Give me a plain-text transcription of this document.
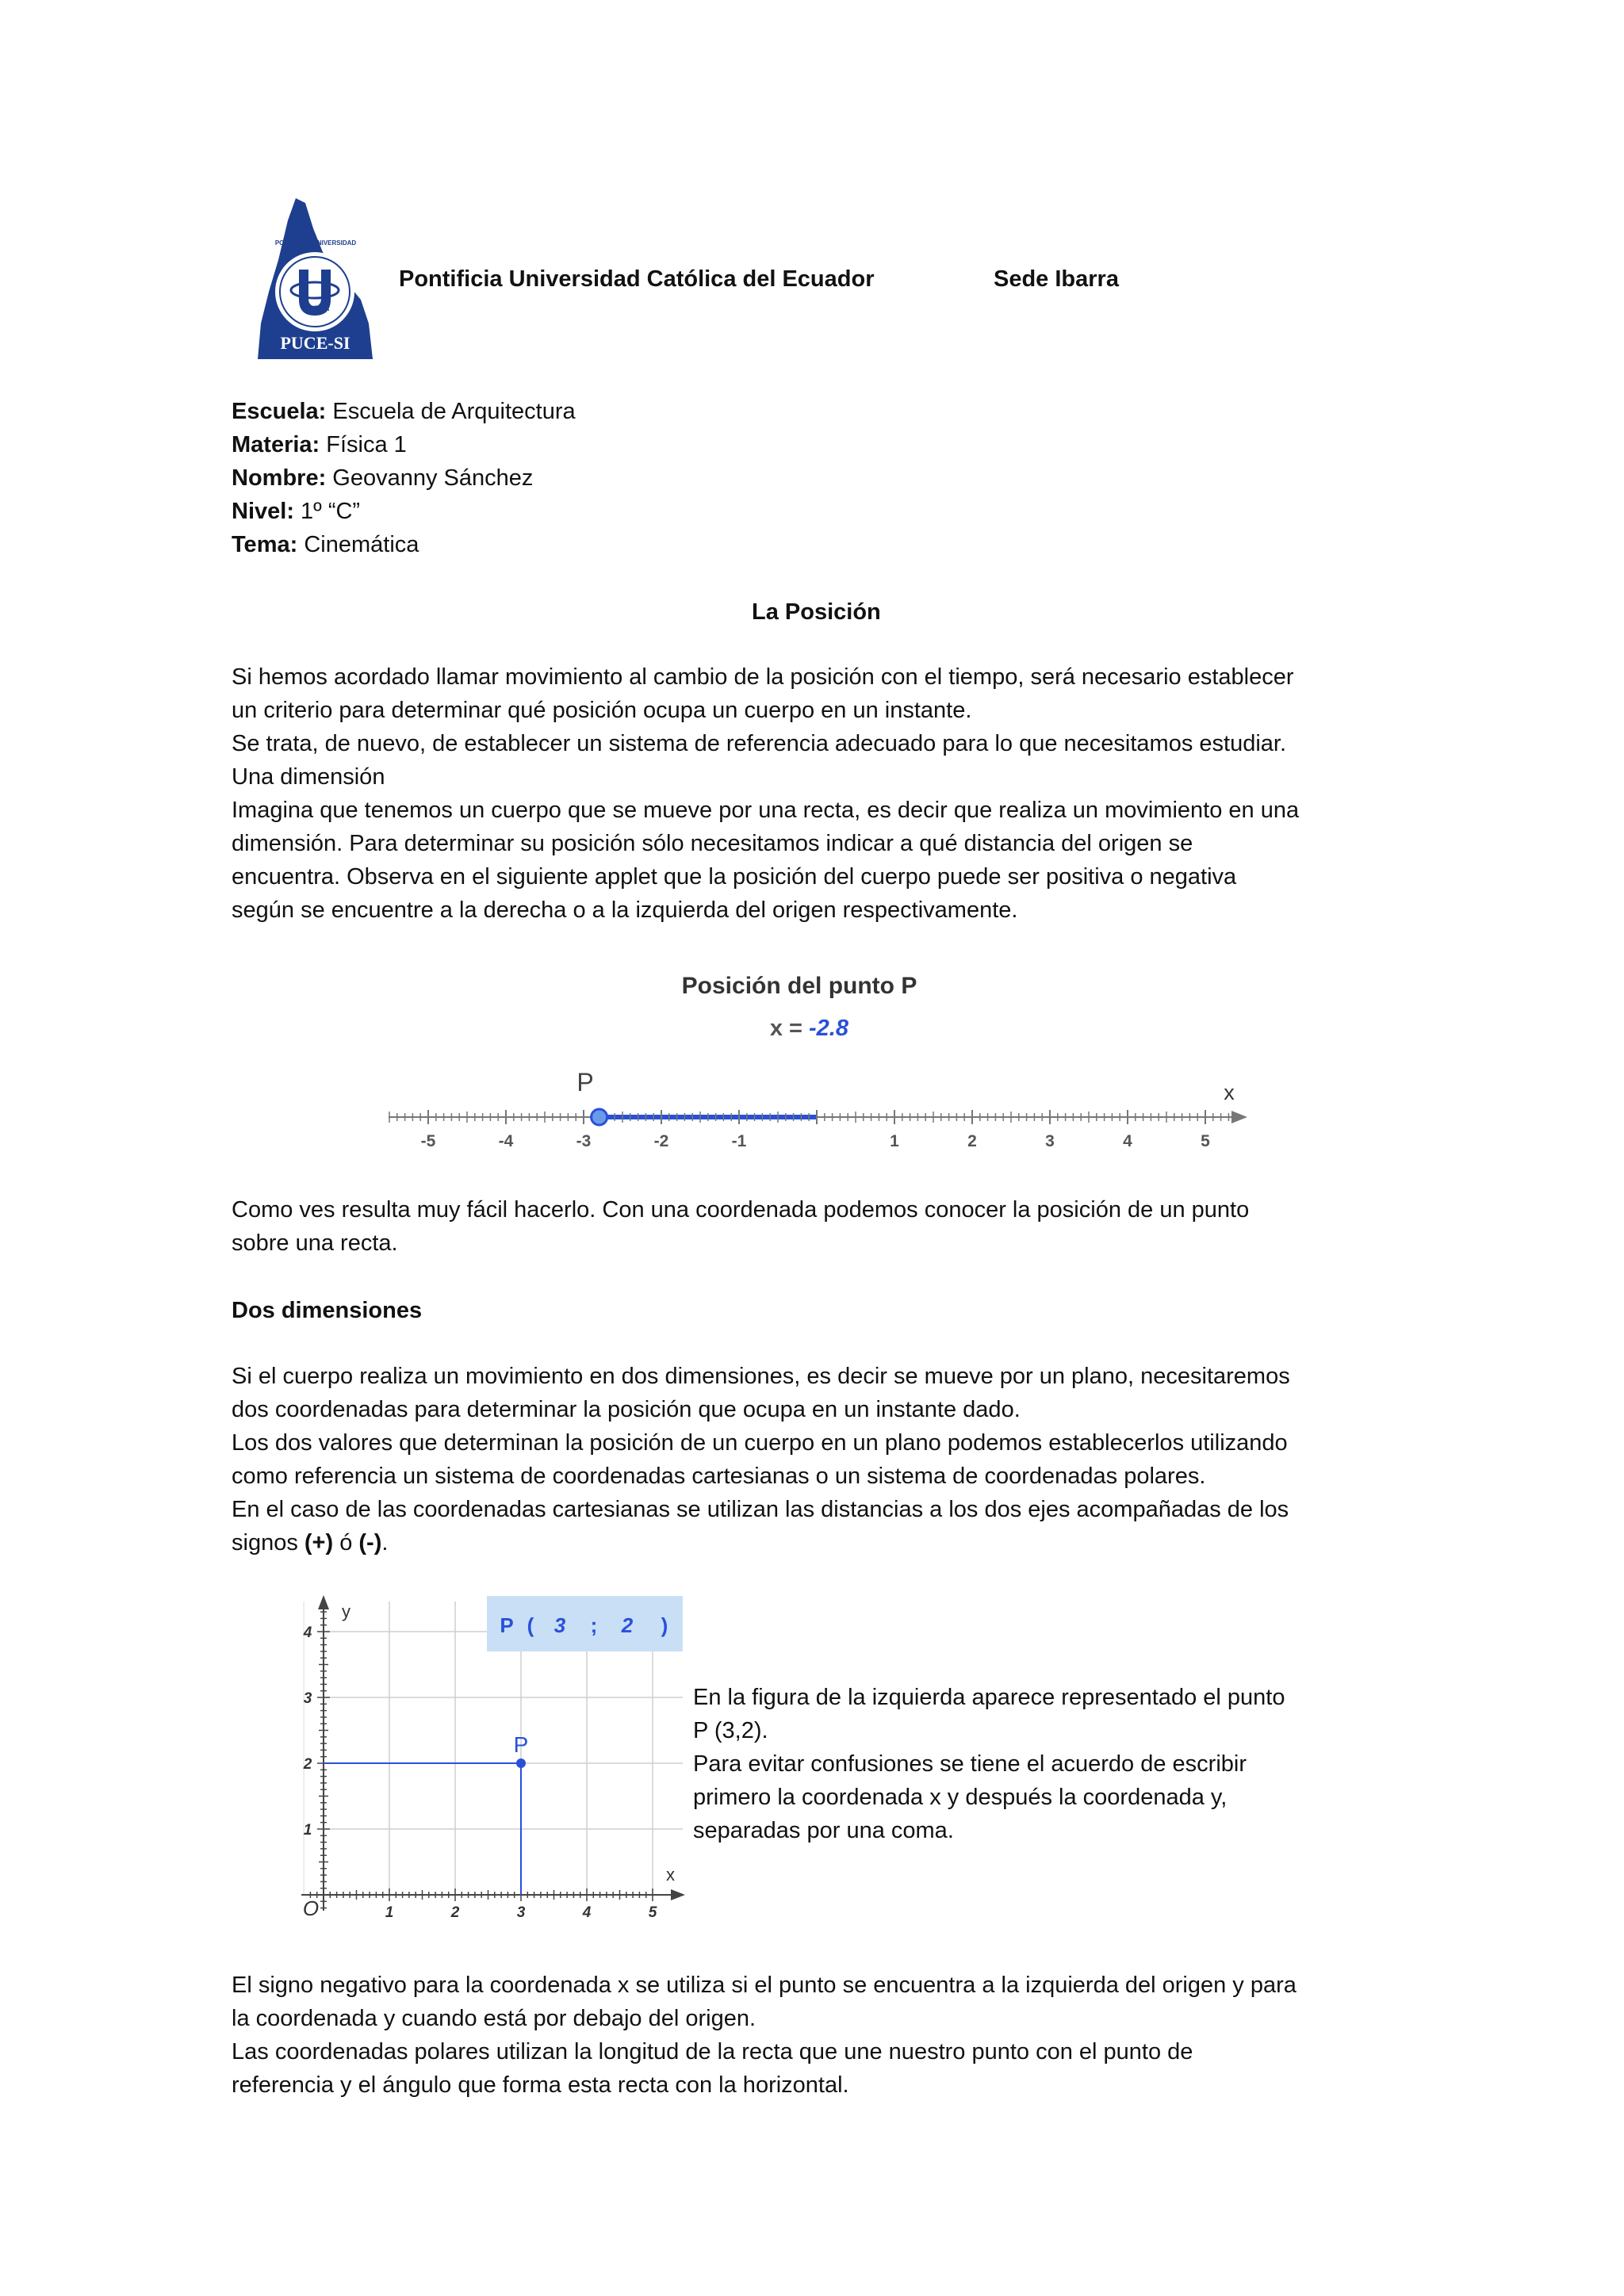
PONTIFICIA UNIVERSIDAD
IBARRA
PUCE-SI
Pontificia Universidad Católica del Ecuador	Sede Ibarra
Escuela: Escuela de Arquitectura
Materia: Física 1
Nombre: Geovanny Sánchez
Nivel: 1º “C”
Tema: Cinemática
La Posición
Si hemos acordado llamar movimiento al cambio de la posición con el tiempo, será necesario establecer
un criterio para determinar qué posición ocupa un cuerpo en un instante.
Se trata, de nuevo, de establecer un sistema de referencia adecuado para lo que necesitamos estudiar.
Una dimensión
Imagina que tenemos un cuerpo que se mueve por una recta, es decir que realiza un movimiento en una
dimensión. Para determinar su posición sólo necesitamos indicar a qué distancia del origen se
encuentra. Observa en el siguiente applet que la posición del cuerpo puede ser positiva o negativa
según se encuentre a la derecha o a la izquierda del origen respectivamente.
Posición del punto P
x = -2.8
P	x
-5	-4	-3	-2	-1	1	2	3	4	5
Como ves resulta muy fácil hacerlo. Con una coordenada podemos conocer la posición de un punto
sobre una recta.
Dos dimensiones
Si el cuerpo realiza un movimiento en dos dimensiones, es decir se mueve por un plano, necesitaremos
dos coordenadas para determinar la posición que ocupa en un instante dado.
Los dos valores que determinan la posición de un cuerpo en un plano podemos establecerlos utilizando
como referencia un sistema de coordenadas cartesianas o un sistema de coordenadas polares.
En el caso de las coordenadas cartesianas se utilizan las distancias a los dos ejes acompañadas de los
signos (+) ó (-).
P ( 3 ; 2 )
y
x
O	1	2	3	4	5
1
2
3
4
P
En la figura de la izquierda aparece representado el punto
P (3,2).
Para evitar confusiones se tiene el acuerdo de escribir
primero la coordenada x y después la coordenada y,
separadas por una coma.
El signo negativo para la coordenada x se utiliza si el punto se encuentra a la izquierda del origen y para
la coordenada y cuando está por debajo del origen.
Las coordenadas polares utilizan la longitud de la recta que une nuestro punto con el punto de
referencia y el ángulo que forma esta recta con la horizontal.
